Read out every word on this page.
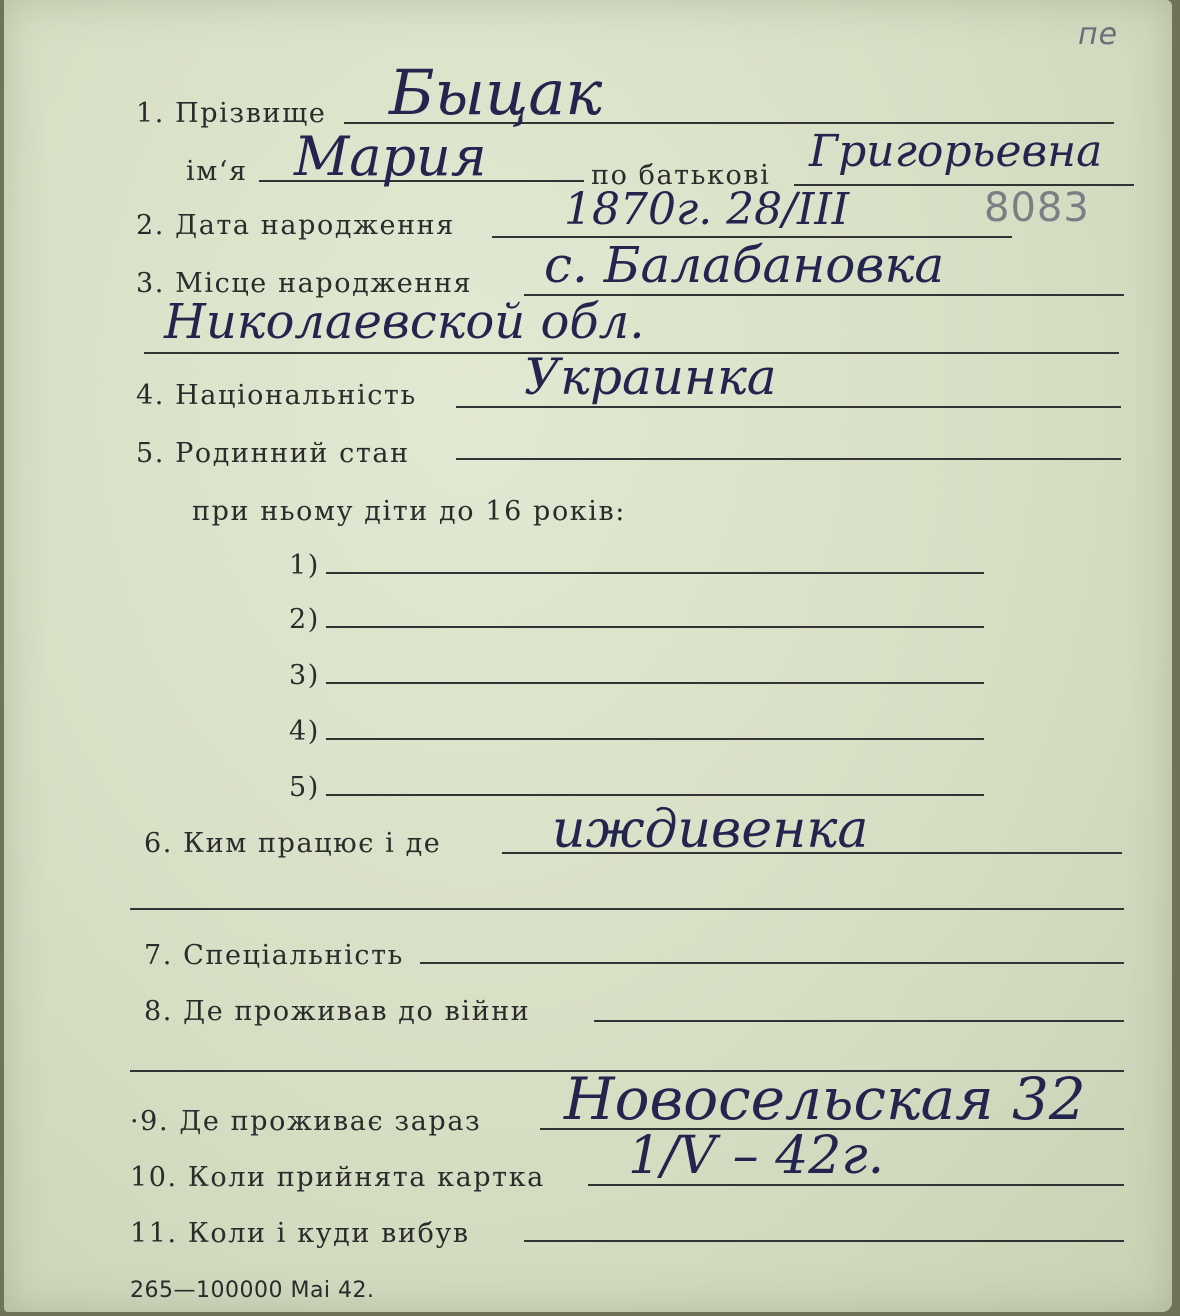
пе
1. Прізвище Быцак
ім‘я Мария	по батькові Григорьевна
2. Дата народження 1870г. 28/III	8083
3. Місце народження с. Балабановка
Николаевской обл.
4. Національність Украинка
5. Родинний стан
при ньому діти до 16 років:
1)
2)
3)
4)
5)
6. Ким працює і де иждивенка
7. Спеціальність
8. Де проживав до війни
·9. Де проживає зараз Новосельская 32
10. Коли прийнята картка 1/V – 42г.
11. Коли і куди вибув
265—100000 Маі 42.
